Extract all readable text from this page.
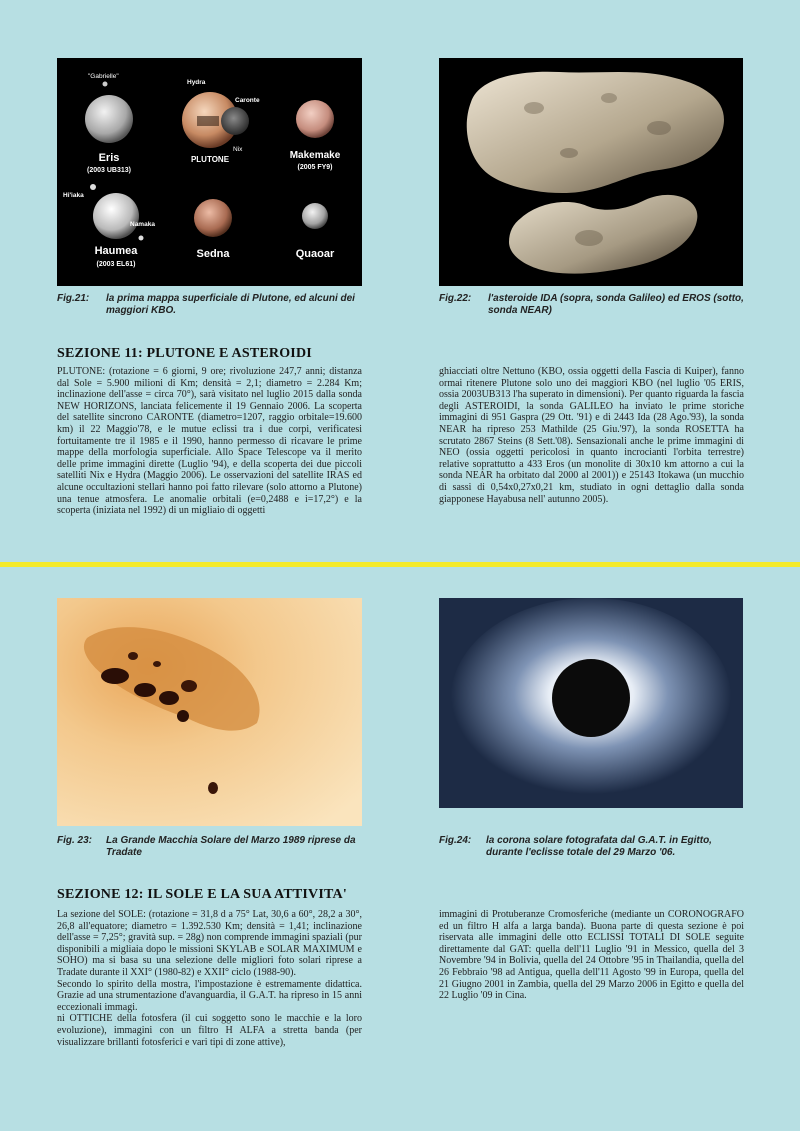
"Gabrielle"
Hydra
Caronte
Nix
Eris
(2003 UB313)
PLUTONE	Makemake
(2005 FY9)
Hi'iaka
Namaka
Haumea
(2003 EL61)
Sedna	Quaoar
Fig.21: la prima mappa superficiale di Plutone, ed alcuni dei maggiori KBO.
Fig.22: l'asteroide IDA (sopra, sonda Galileo) ed EROS (sotto, sonda NEAR)
SEZIONE 11: PLUTONE E ASTEROIDI

PLUTONE: (rotazione = 6 giorni, 9 ore; rivoluzione 247,7 anni; distanza dal Sole = 5.900 milioni di Km; densità = 2,1; diametro = 2.284 Km; inclinazione dell'asse = circa 70°), sarà visitato nel luglio 2015 dalla sonda NEW HORIZONS, lanciata felicemente il 19 Gennaio 2006. La scoperta del satellite sincrono CARONTE (diametro=1207, raggio orbitale=19.600 km) il 22 Maggio'78, e le mutue eclissi tra i due corpi, verificatesi fortuitamente tre il 1985 e il 1990, hanno permesso di ricavare le prime mappe della morfologia superficiale. Allo Space Telescope va il merito delle prime immagini dirette (Luglio '94), e della scoperta dei due piccoli satelliti Nix e Hydra (Maggio 2006). Le osservazioni del satellite IRAS ed alcune occultazioni stellari hanno poi fatto rilevare (solo attorno a Plutone) una tenue atmosfera. Le anomalie orbitali (e=0,2488 e i=17,2°) e la scoperta (iniziata nel 1992) di un migliaio di oggetti

ghiacciati oltre Nettuno (KBO, ossia oggetti della Fascia di Kuiper), fanno ormai ritenere Plutone solo uno dei maggiori KBO (nel luglio '05 ERIS, ossia 2003UB313 l'ha superato in dimensioni). Per quanto riguarda la fascia degli ASTEROIDI, la sonda GALILEO ha inviato le prime storiche immagini di 951 Gaspra (29 Ott. '91) e di 2443 Ida (28 Ago.'93), la sonda NEAR ha ripreso 253 Mathilde (25 Giu.'97), la sonda ROSETTA ha scrutato 2867 Steins (8 Sett.'08). Sensazionali anche le prime immagini di NEO (ossia oggetti pericolosi in quanto incrocianti l'orbita terrestre) relative soprattutto a 433 Eros (un monolite di 30x10 km attorno a cui la sonda NEAR ha orbitato dal 2000 al 2001)) e 25143 Itokawa (un mucchio di sassi di 0,54x0,27x0,21 km, studiato in ogni dettaglio dalla sonda giapponese Hayabusa nell' autunno 2005).

Fig. 23: La Grande Macchia Solare del Marzo 1989 riprese da Tradate
Fig.24: la corona solare fotografata dal G.A.T. in Egitto, durante l'eclisse totale del 29 Marzo '06.
SEZIONE 12: IL SOLE E LA SUA ATTIVITA'

La sezione del SOLE: (rotazione = 31,8 d a 75° Lat, 30,6 a 60°, 28,2 a 30°, 26,8 all'equatore; diametro = 1.392.530 Km; densità = 1,41; inclinazione dell'asse = 7,25°; gravità sup. = 28g) non comprende immagini spaziali (pur disponibili a migliaia dopo le missioni SKYLAB e SOLAR MAXIMUM e SOHO) ma si basa su una selezione delle migliori foto solari riprese a Tradate durante il XXI° (1980-82) e XXII° ciclo (1988-90).

Secondo lo spirito della mostra, l'impostazione è estremamente didattica. Grazie ad una strumentazione d'avanguardia, il G.A.T. ha ripreso in 15 anni eccezionali immagi.

ni OTTICHE della fotosfera (il cui soggetto sono le macchie e la loro evoluzione), immagini con un filtro H ALFA a stretta banda (per visualizzare brillanti fotosferici e vari tipi di zone attive),

immagini di Protuberanze Cromosferiche (mediante un CORONOGRAFO ed un filtro H alfa a larga banda). Buona parte di questa sezione è poi riservata alle immagini delle otto ECLISSI TOTALI DI SOLE seguite direttamente dal GAT: quella dell'11 Luglio '91 in Messico, quella del 3 Novembre '94 in Bolivia, quella del 24 Ottobre '95 in Thailandia, quella del 26 Febbraio '98 ad Antigua, quella dell'11 Agosto '99 in Europa, quella del 21 Giugno 2001 in Zambia, quella del 29 Marzo 2006 in Egitto e quella del 22 Luglio '09 in Cina.
